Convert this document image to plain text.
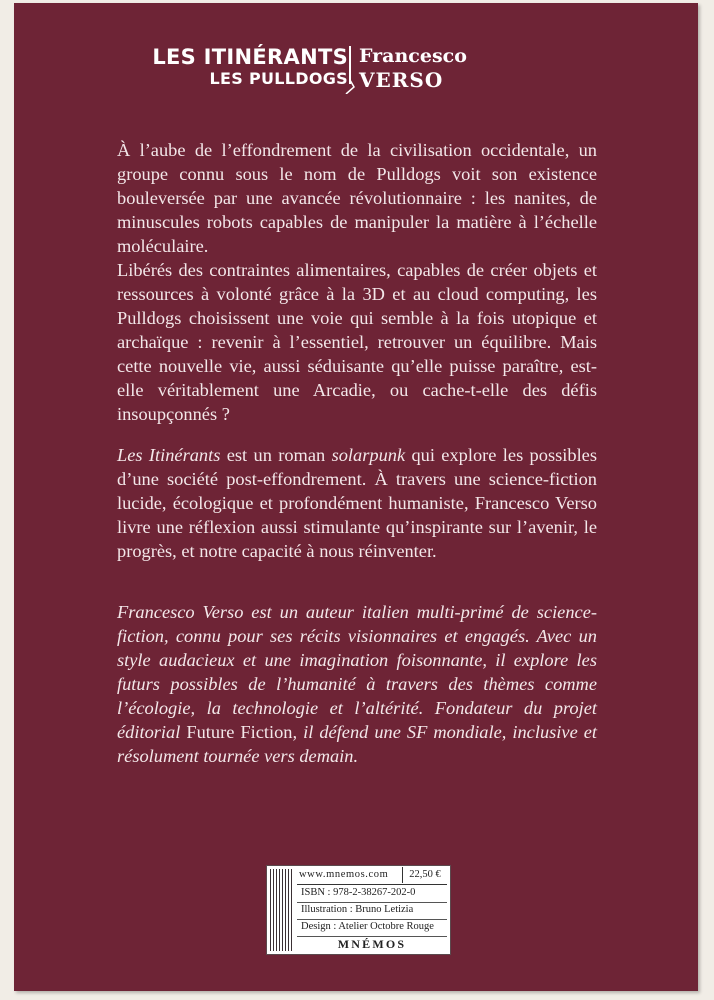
LES ITINÉRANTS
LES PULLDOGS
Francesco
VERSO

À l’aube de l’effondrement de la civilisation occidentale, un groupe connu sous le nom de Pulldogs voit son existence bouleversée par une avancée révolutionnaire : les nanites, de minuscules robots capables de manipuler la matière à l’échelle moléculaire.

Libérés des contraintes alimentaires, capables de créer objets et ressources à volonté grâce à la 3D et au cloud computing, les Pulldogs choisissent une voie qui semble à la fois utopique et archaïque : revenir à l’essentiel, retrouver un équilibre. Mais cette nouvelle vie, aussi séduisante qu’elle puisse paraître, est-elle véritablement une Arcadie, ou cache-t-elle des défis insoupçonnés ?

Les Itinérants est un roman solarpunk qui explore les possibles d’une société post-effondrement. À travers une science-fiction lucide, écologique et profondément humaniste, Francesco Verso livre une réflexion aussi stimulante qu’inspirante sur l’avenir, le progrès, et notre capacité à nous réinventer.

Francesco Verso est un auteur italien multi-primé de science-fiction, connu pour ses récits visionnaires et engagés. Avec un style audacieux et une imagination foisonnante, il explore les futurs possibles de l’humanité à travers des thèmes comme l’écologie, la technologie et l’altérité. Fondateur du projet éditorial Future Fiction, il défend une SF mondiale, inclusive et résolument tournée vers demain.

www.mnemos.com	22,50 €
ISBN : 978-2-38267-202-0
Illustration : Bruno Letizia
Design : Atelier Octobre Rouge
MNÉMOS
